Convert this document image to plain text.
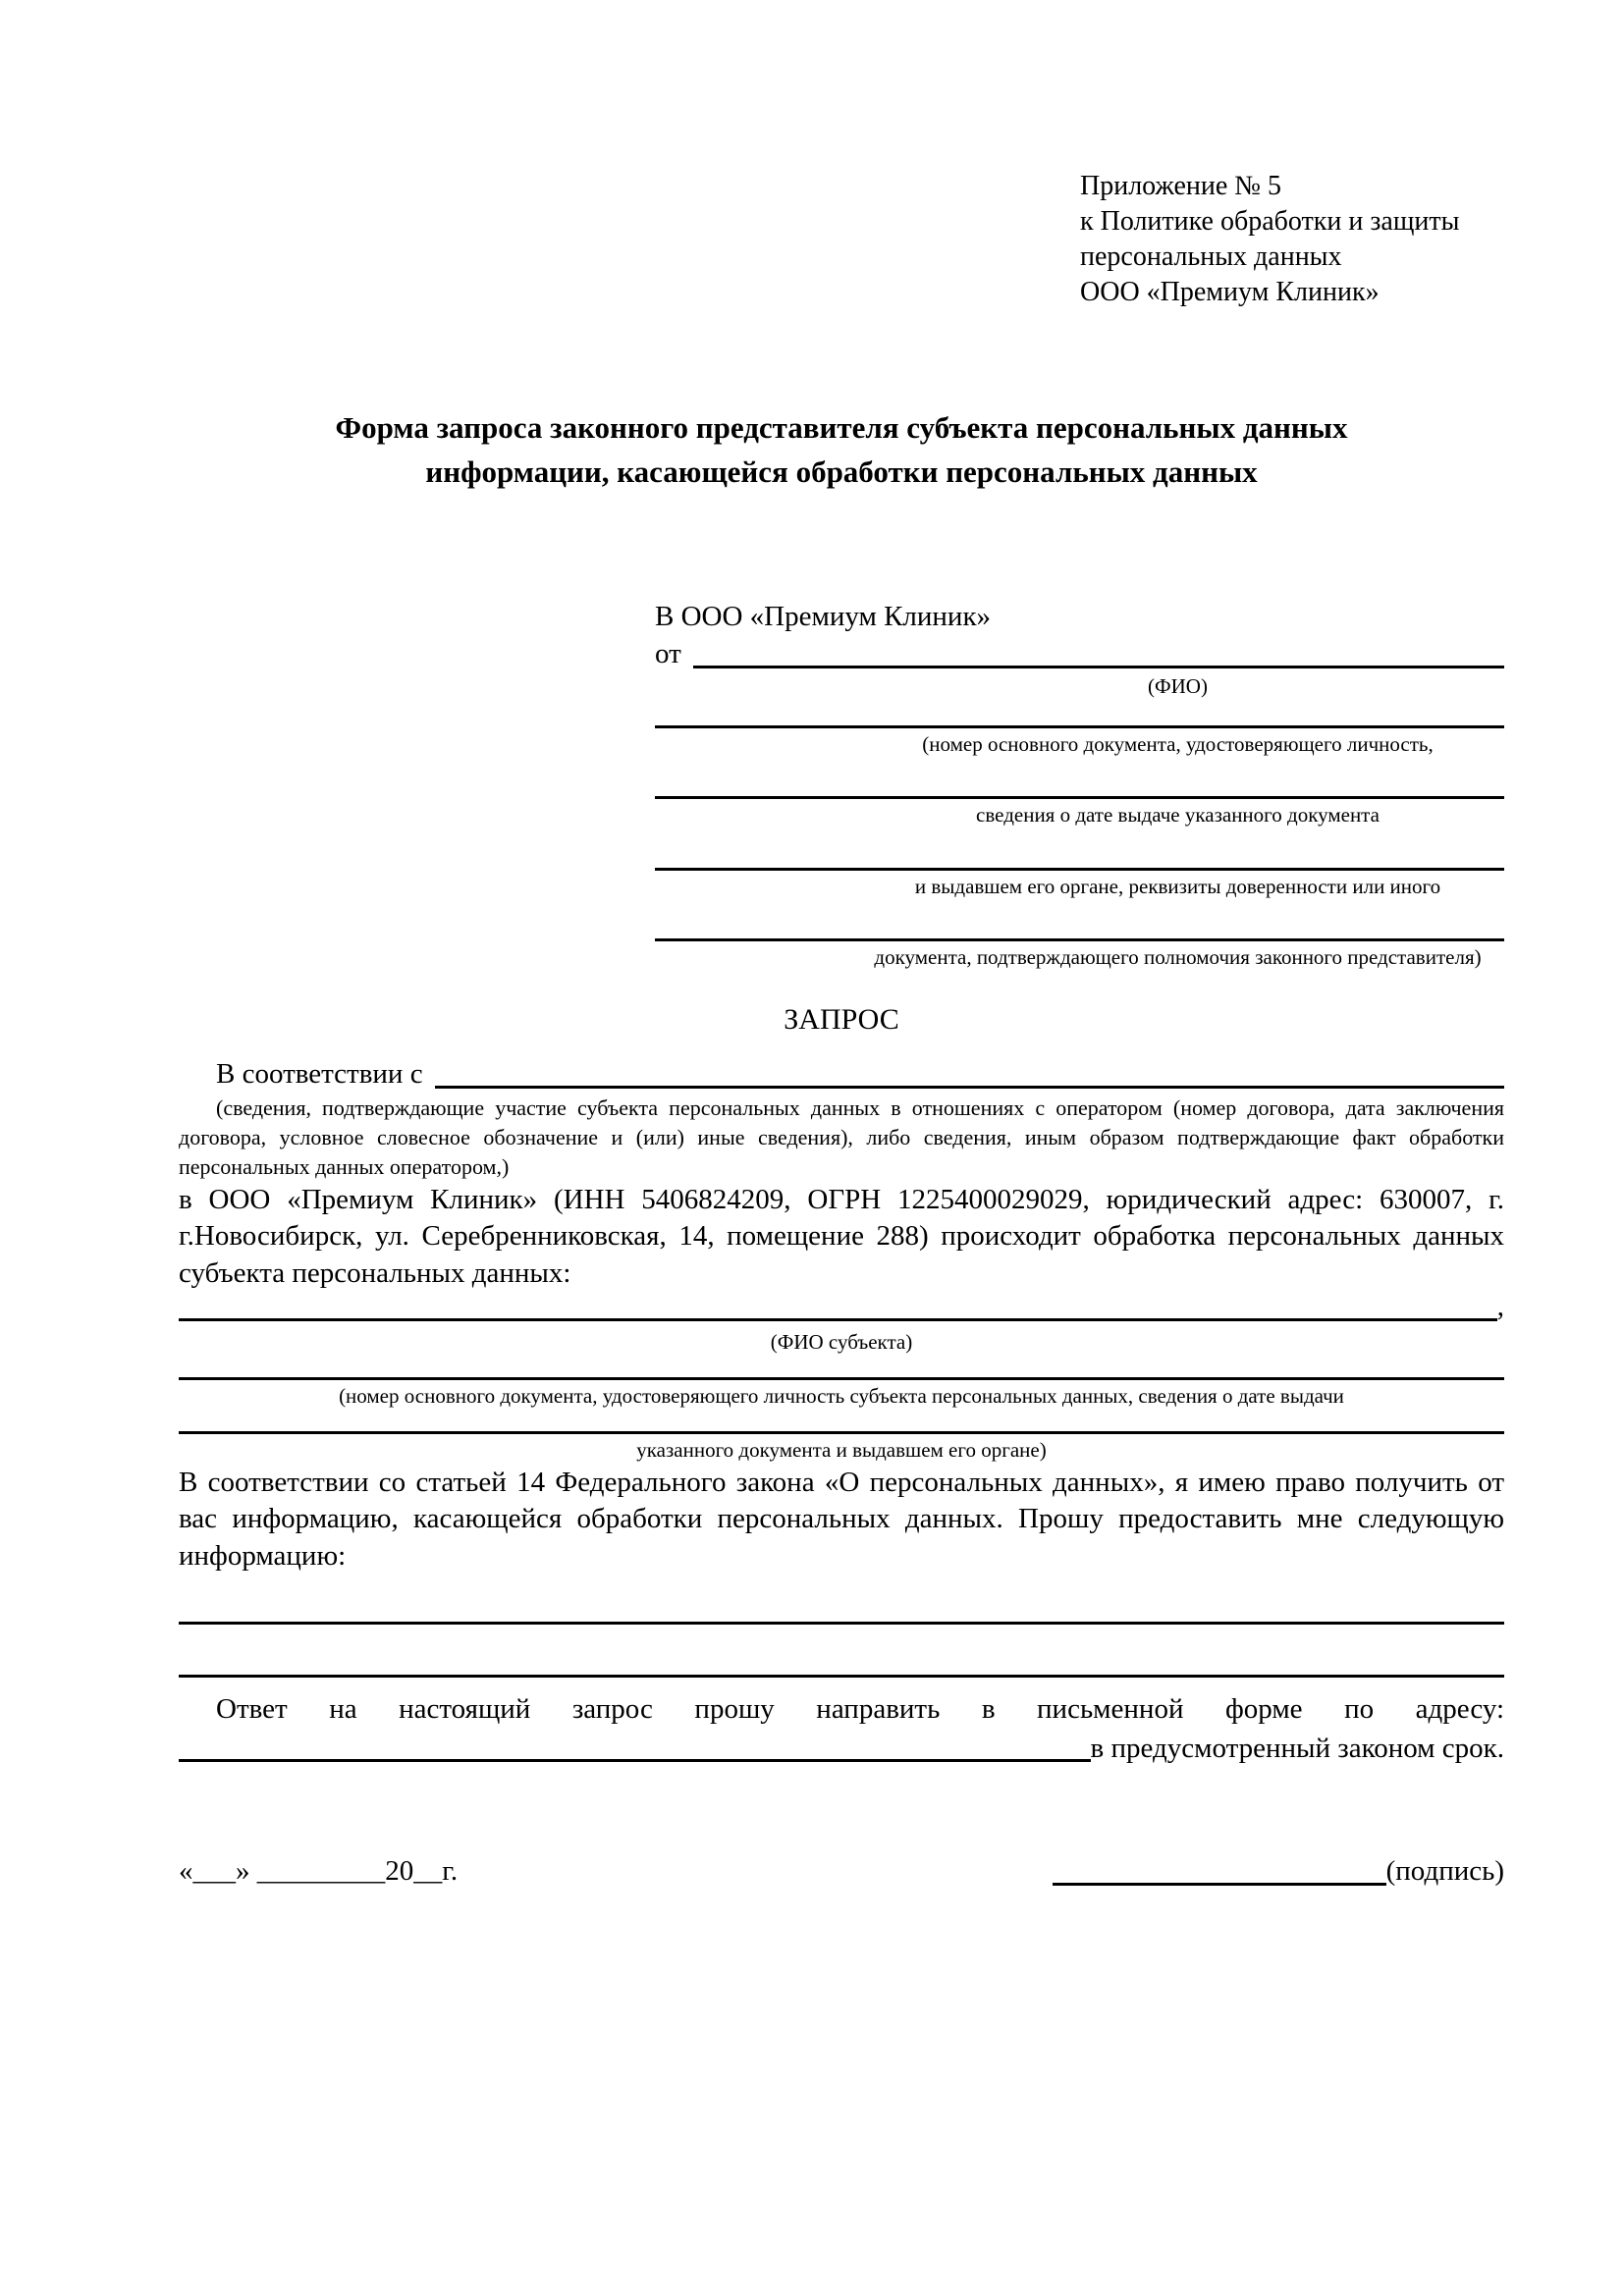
Приложение № 5
к Политике обработки и защиты
персональных данных
ООО «Премиум Клиник»
Форма запроса законного представителя субъекта персональных данных
информации, касающейся обработки персональных данных
В ООО «Премиум Клиник»
от
(ФИО)
(номер основного документа, удостоверяющего личность,
сведения о дате выдаче указанного документа
и выдавшем его органе, реквизиты доверенности или иного
документа, подтверждающего полномочия законного представителя)
ЗАПРОС
В соответствии с
(сведения, подтверждающие участие субъекта персональных данных в отношениях с оператором (номер договора, дата заключения договора, условное словесное обозначение и (или) иные сведения), либо сведения, иным образом подтверждающие факт обработки персональных данных оператором,)
в ООО «Премиум Клиник» (ИНН 5406824209, ОГРН 1225400029029, юридический адрес: 630007, г. г.Новосибирск, ул. Серебренниковская, 14, помещение 288) происходит обработка персональных данных субъекта персональных данных:
,
(ФИО субъекта)
(номер основного документа, удостоверяющего личность субъекта персональных данных, сведения о дате выдачи
указанного документа и выдавшем его органе)
В соответствии со статьей 14 Федерального закона «О персональных данных», я имею право получить от вас информацию, касающейся обработки персональных данных. Прошу предоставить мне следующую информацию:
Ответ на настоящий запрос прошу направить в письменной форме по адресу:
в предусмотренный законом срок.
«___» _________20__г.	(подпись)
